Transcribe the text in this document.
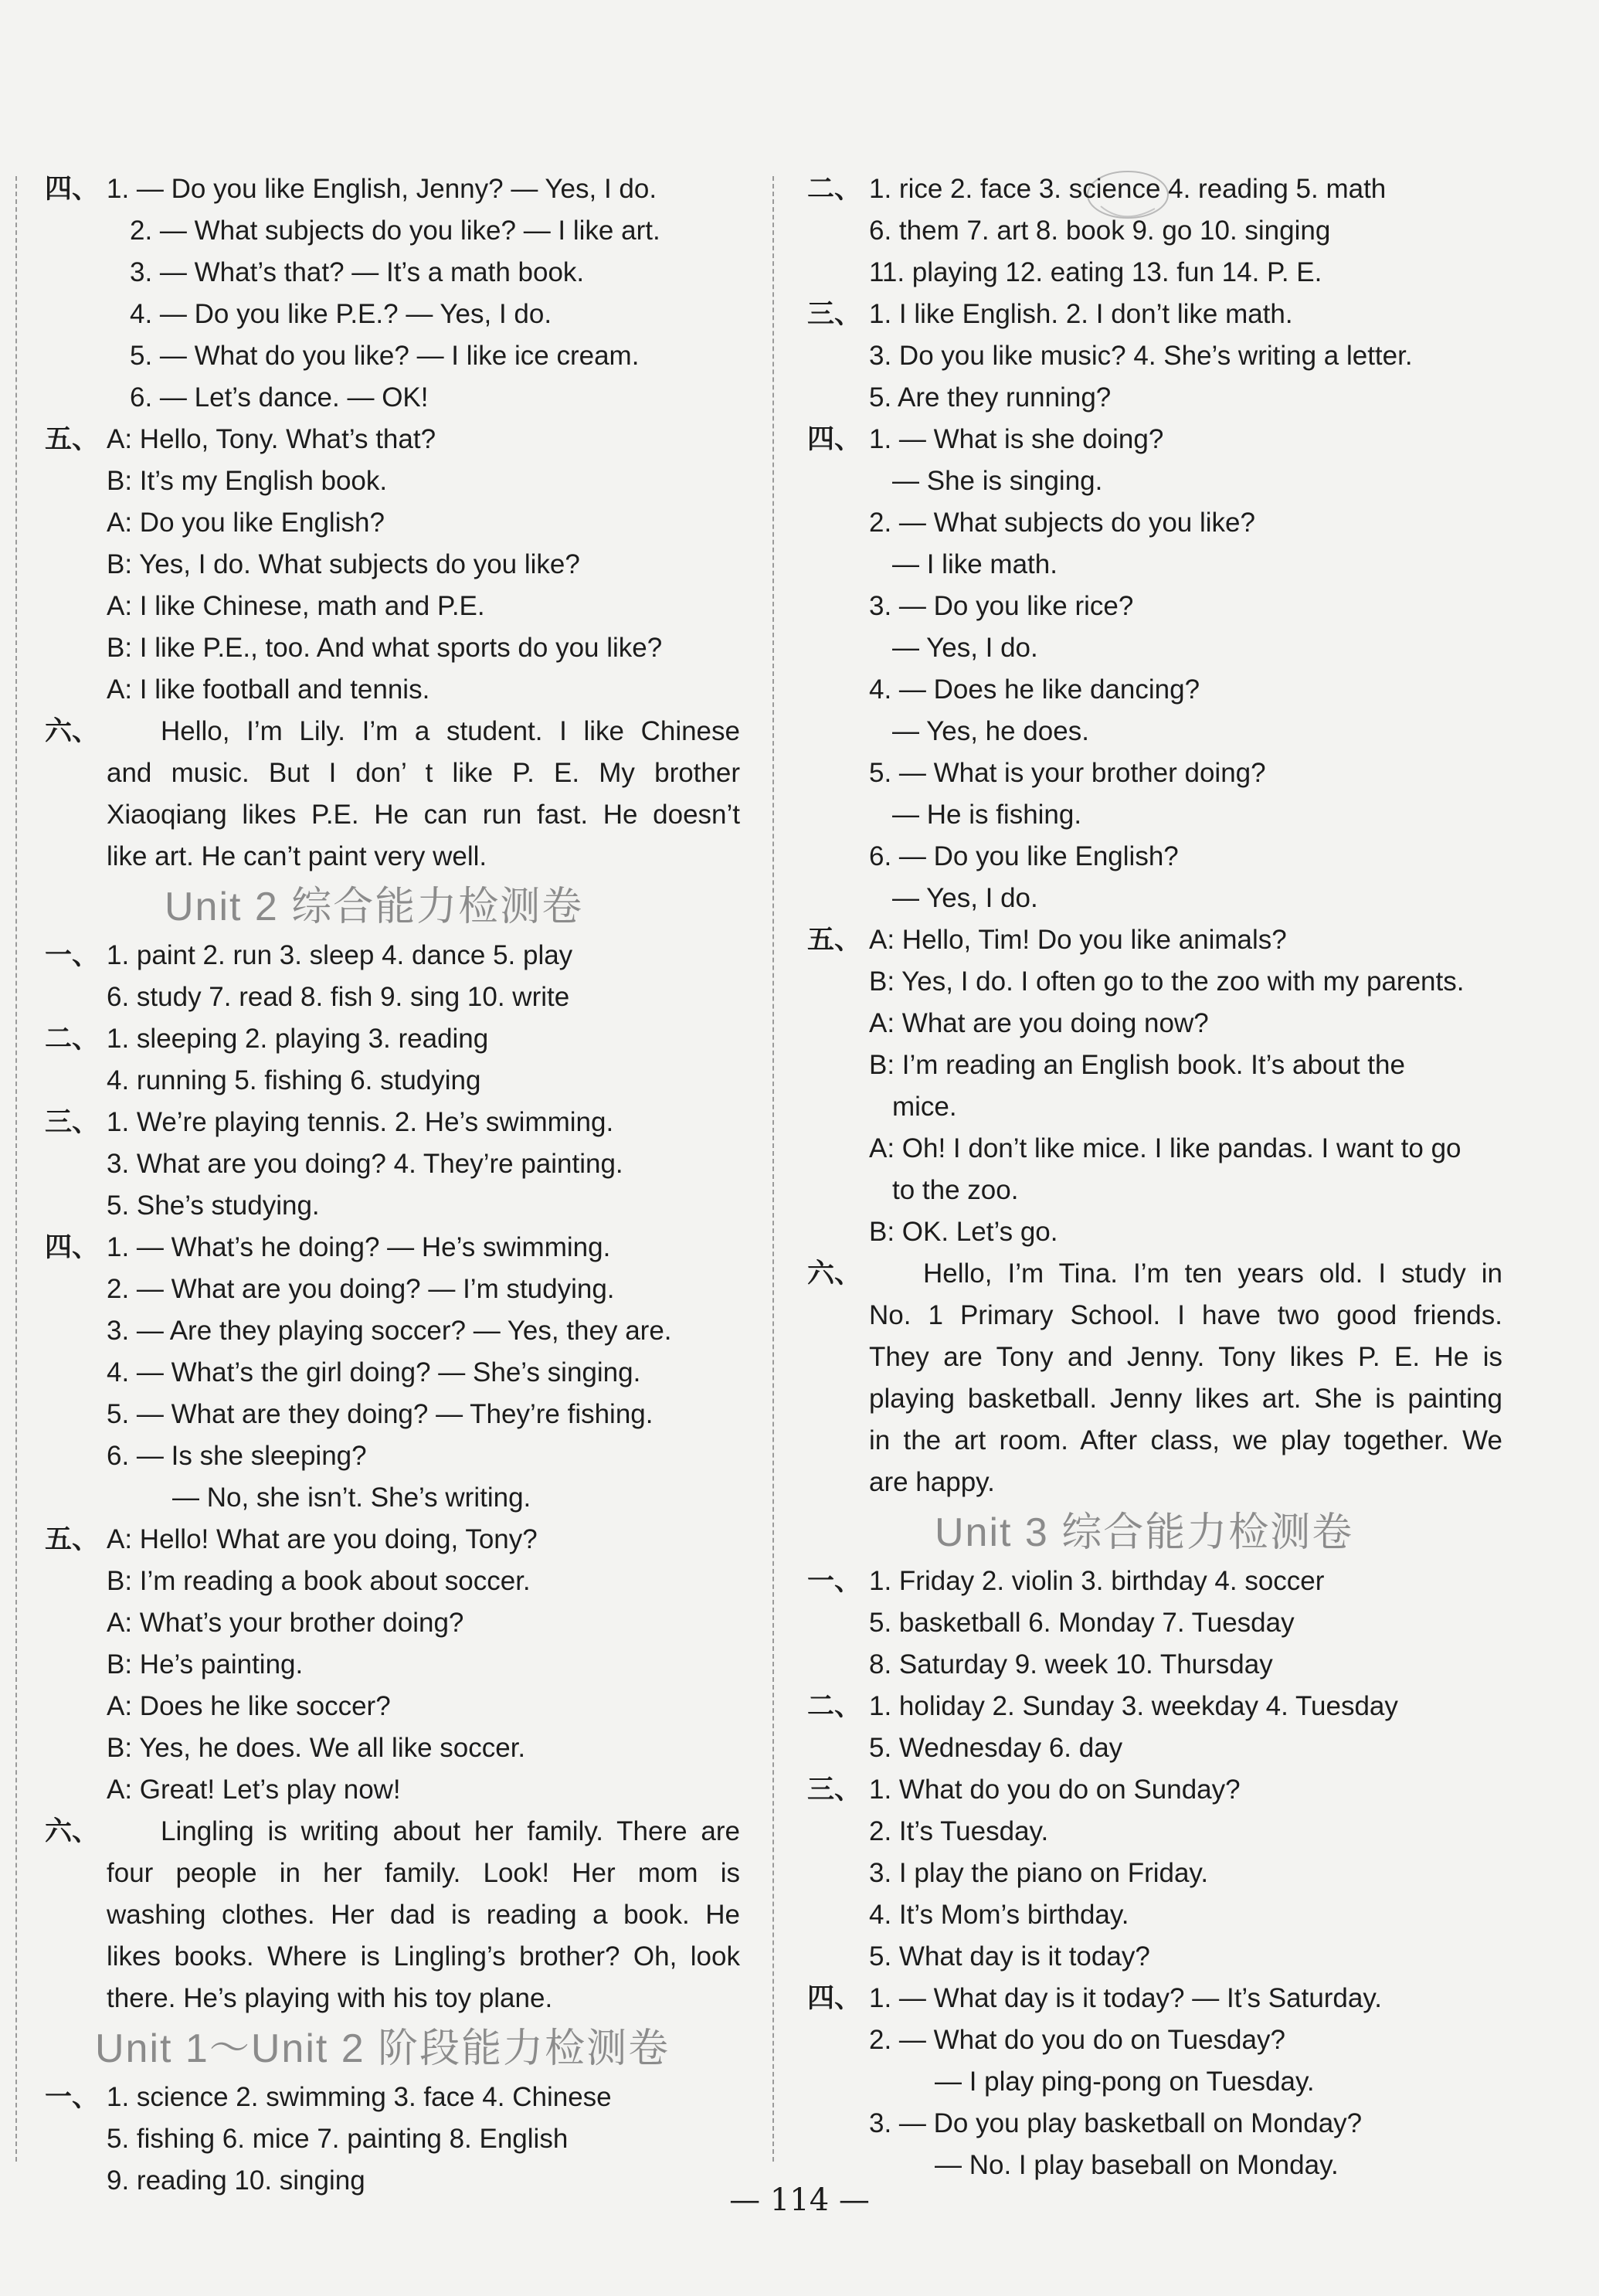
四、 1. — Do you like English, Jenny? — Yes, I do.
2. — What subjects do you like? — I like art.
3. — What’s that? — It’s a math book.
4. — Do you like P.E.? — Yes, I do.
5. — What do you like? — I like ice cream.
6. — Let’s dance. — OK!
五、 A: Hello, Tony. What’s that?
B: It’s my English book.
A: Do you like English?
B: Yes, I do. What subjects do you like?
A: I like Chinese, math and P.E.
B: I like P.E., too. And what sports do you like?
A: I like football and tennis.
六、	Hello, I’m Lily. I’m a student. I like Chinese
and music. But I don’ t like P. E. My brother
Xiaoqiang likes P.E. He can run fast. He doesn’t
like art. He can’t paint very well.
Unit 2 综合能力检测卷
一、 1. paint 2. run 3. sleep 4. dance 5. play
6. study 7. read 8. fish 9. sing 10. write
二、 1. sleeping 2. playing 3. reading
4. running 5. fishing 6. studying
三、 1. We’re playing tennis. 2. He’s swimming.
3. What are you doing? 4. They’re painting.
5. She’s studying.
四、 1. — What’s he doing? — He’s swimming.
2. — What are you doing? — I’m studying.
3. — Are they playing soccer? — Yes, they are.
4. — What’s the girl doing? — She’s singing.
5. — What are they doing? — They’re fishing.
6. — Is she sleeping?
— No, she isn’t. She’s writing.
五、 A: Hello! What are you doing, Tony?
B: I’m reading a book about soccer.
A: What’s your brother doing?
B: He’s painting.
A: Does he like soccer?
B: Yes, he does. We all like soccer.
A: Great! Let’s play now!
六、	Lingling is writing about her family. There are
four people in her family. Look! Her mom is
washing clothes. Her dad is reading a book. He
likes books. Where is Lingling’s brother? Oh, look
there. He’s playing with his toy plane.
Unit 1～Unit 2 阶段能力检测卷
一、 1. science 2. swimming 3. face 4. Chinese
5. fishing 6. mice 7. painting 8. English
9. reading 10. singing
二、 1. rice 2. face 3. science 4. reading 5. math
6. them 7. art 8. book 9. go 10. singing
11. playing 12. eating 13. fun 14. P. E.
三、 1. I like English. 2. I don’t like math.
3. Do you like music? 4. She’s writing a letter.
5. Are they running?
四、 1. — What is she doing?
— She is singing.
2. — What subjects do you like?
— I like math.
3. — Do you like rice?
— Yes, I do.
4. — Does he like dancing?
— Yes, he does.
5. — What is your brother doing?
— He is fishing.
6. — Do you like English?
— Yes, I do.
五、 A: Hello, Tim! Do you like animals?
B: Yes, I do. I often go to the zoo with my parents.
A: What are you doing now?
B: I’m reading an English book. It’s about the
mice.
A: Oh! I don’t like mice. I like pandas. I want to go
to the zoo.
B: OK. Let’s go.
六、	Hello, I’m Tina. I’m ten years old. I study in
No. 1 Primary School. I have two good friends.
They are Tony and Jenny. Tony likes P. E. He is
playing basketball. Jenny likes art. She is painting
in the art room. After class, we play together. We
are happy.
Unit 3 综合能力检测卷
一、 1. Friday 2. violin 3. birthday 4. soccer
5. basketball 6. Monday 7. Tuesday
8. Saturday 9. week 10. Thursday
二、 1. holiday 2. Sunday 3. weekday 4. Tuesday
5. Wednesday 6. day
三、 1. What do you do on Sunday?
2. It’s Tuesday.
3. I play the piano on Friday.
4. It’s Mom’s birthday.
5. What day is it today?
四、 1. — What day is it today? — It’s Saturday.
2. — What do you do on Tuesday?
— I play ping-pong on Tuesday.
3. — Do you play basketball on Monday?
— No. I play baseball on Monday.
— 114 —
